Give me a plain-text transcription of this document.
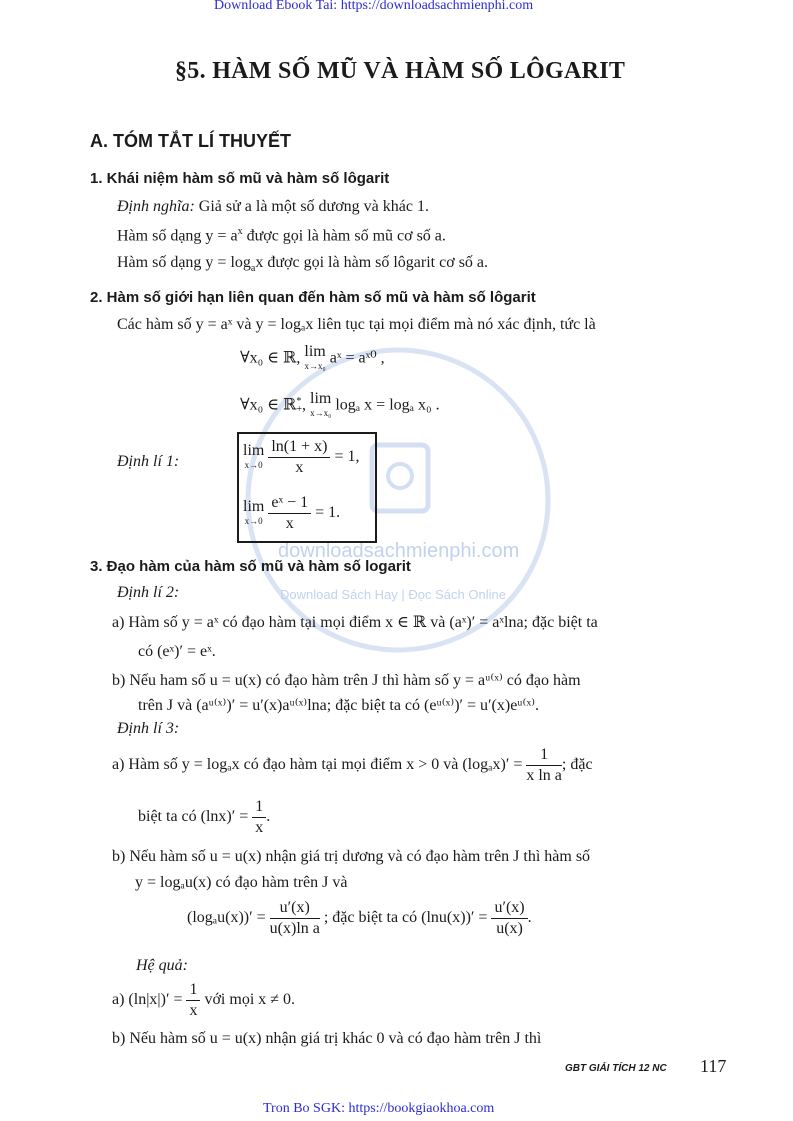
downloadsachmienphi.com
Download Sách Hay | Đọc Sách Online
Download Ebook Tai: https://downloadsachmienphi.com
§5. HÀM SỐ MŨ VÀ HÀM SỐ LÔGARIT
A. TÓM TẮT LÍ THUYẾT
1. Khái niệm hàm số mũ và hàm số lôgarit
Định nghĩa: Giả sử a là một số dương và khác 1.
Hàm số dạng $y = a^x$ được gọi là hàm số mũ cơ số a.
Hàm số dạng $y = \log_ax$ được gọi là hàm số lôgarit cơ số a.
2. Hàm số giới hạn liên quan đến hàm số mũ và hàm số lôgarit
Các hàm số y = aˣ và y = logₐx liên tục tại mọi điểm mà nó xác định, tức là
∀x₀ ∈ ℝ, lim
x→x₀ aˣ = aˣ⁰ ,
∀x₀ ∈ ℝ *
+ , lim
x→x₀ logₐ x = logₐ x₀ .
Định lí 1:
lim
x→0
$\frac{\ln(1 + x)}{x} = 1$,
lim
x→0
$\frac{\text{eˣ − 1}}{x} = 1$.
3. Đạo hàm của hàm số mũ và hàm số logarit
Định lí 2:
a) Hàm số y = aˣ có đạo hàm tại mọi điểm x ∈ ℝ và (aˣ)′ = aˣlna; đặc biệt ta
có (eˣ)′ = eˣ.
b) Nếu ham số u = u(x) có đạo hàm trên J thì hàm số y = aᵘ⁽ˣ⁾ có đạo hàm
trên J và (aᵘ⁽ˣ⁾)′ = u′(x)aᵘ⁽ˣ⁾lna; đặc biệt ta có (eᵘ⁽ˣ⁾)′ = u′(x)eᵘ⁽ˣ⁾.
Định lí 3:
a) Hàm số y = logₐx có đạo hàm tại mọi điểm x > 0 và $(\log_ax)' = \frac{1}{\text{x ln a}}$ ; đặc
biệt ta có $(\ln x)' = \frac{1}{x}$ .
b) Nếu hàm số u = u(x) nhận giá trị dương và có đạo hàm trên J thì hàm số
y = logₐu(x) có đạo hàm trên J và
$(\log_au(x))' = \frac{u'(x)}{\text{u(x)ln a}}$ ; đặc biệt ta có $(\ln u(x))' = \frac{u'(x)}{u(x)}$ .
Hệ quả:
a) $(\ln|x|)' = \frac{1}{x}$ với mọi x ≠ 0.
b) Nếu hàm số u = u(x) nhận giá trị khác 0 và có đạo hàm trên J thì
GBT GIẢI TÍCH 12 NC 117
Tron Bo SGK: https://bookgiaokhoa.com
